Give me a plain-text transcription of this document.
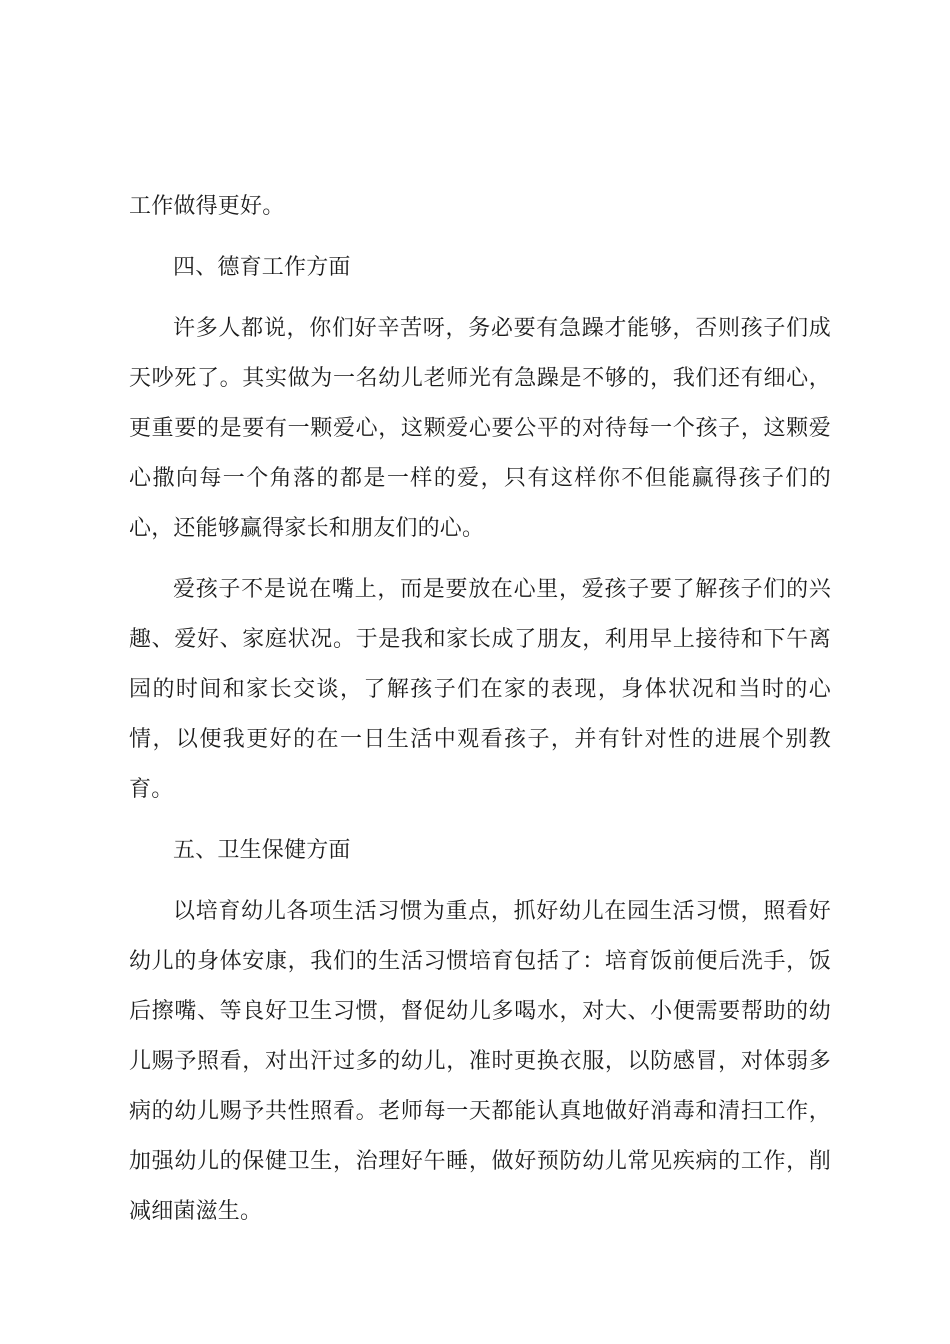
工作做得更好。
四、德育工作方面
许多人都说，你们好辛苦呀，务必要有急躁才能够，否则孩子们成
天吵死了。其实做为一名幼儿老师光有急躁是不够的，我们还有细心，
更重要的是要有一颗爱心，这颗爱心要公平的对待每一个孩子，这颗爱
心撒向每一个角落的都是一样的爱，只有这样你不但能赢得孩子们的
心，还能够赢得家长和朋友们的心。
爱孩子不是说在嘴上，而是要放在心里，爱孩子要了解孩子们的兴
趣、爱好、家庭状况。于是我和家长成了朋友，利用早上接待和下午离
园的时间和家长交谈，了解孩子们在家的表现，身体状况和当时的心
情，以便我更好的在一日生活中观看孩子，并有针对性的进展个别教
育。
五、卫生保健方面
以培育幼儿各项生活习惯为重点，抓好幼儿在园生活习惯，照看好
幼儿的身体安康，我们的生活习惯培育包括了：培育饭前便后洗手，饭
后擦嘴、等良好卫生习惯，督促幼儿多喝水，对大、小便需要帮助的幼
儿赐予照看，对出汗过多的幼儿，准时更换衣服，以防感冒，对体弱多
病的幼儿赐予共性照看。老师每一天都能认真地做好消毒和清扫工作，
加强幼儿的保健卫生，治理好午睡，做好预防幼儿常见疾病的工作，削
减细菌滋生。
